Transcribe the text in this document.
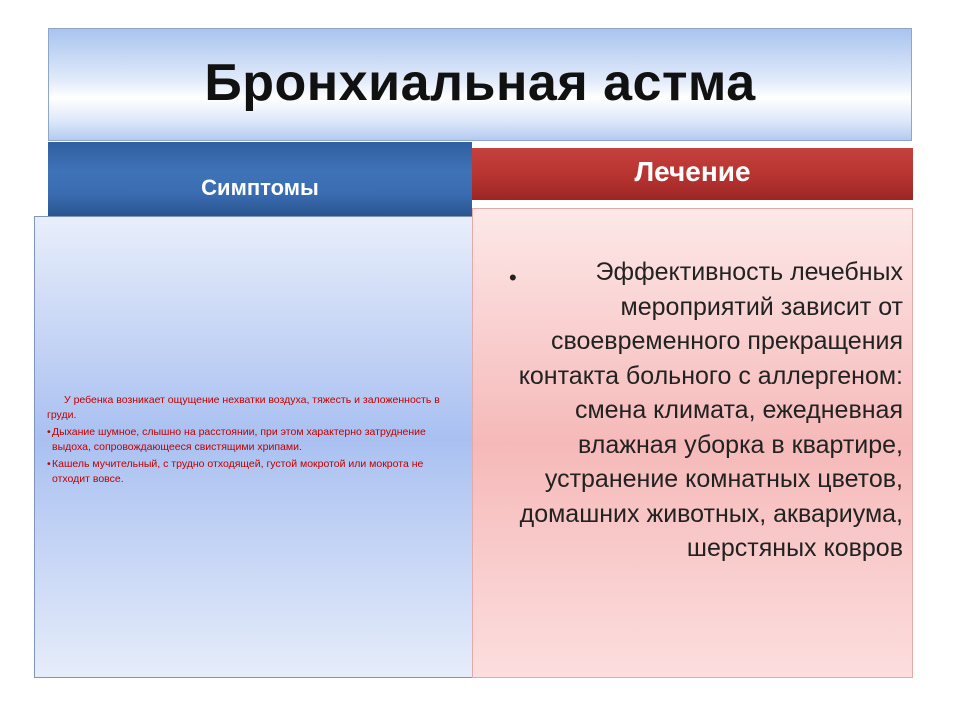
Бронхиальная астма
Симптомы
Лечение

У ребенка возникает ощущение нехватки воздуха, тяжесть и заложенность в груди.

• Дыхание шумное, слышно на расстоянии, при этом характерно затруднение выдоха, сопровождающееся свистящими хрипами.

• Кашель мучительный, с трудно отходящей, густой мокротой или мокрота не отходит вовсе.

•	Эффективность лечебных мероприятий зависит от своевременного прекращения контакта больного с аллергеном: смена климата, ежедневная влажная уборка в квартире, устранение комнатных цветов, домашних животных, аквариума, шерстяных ковров
